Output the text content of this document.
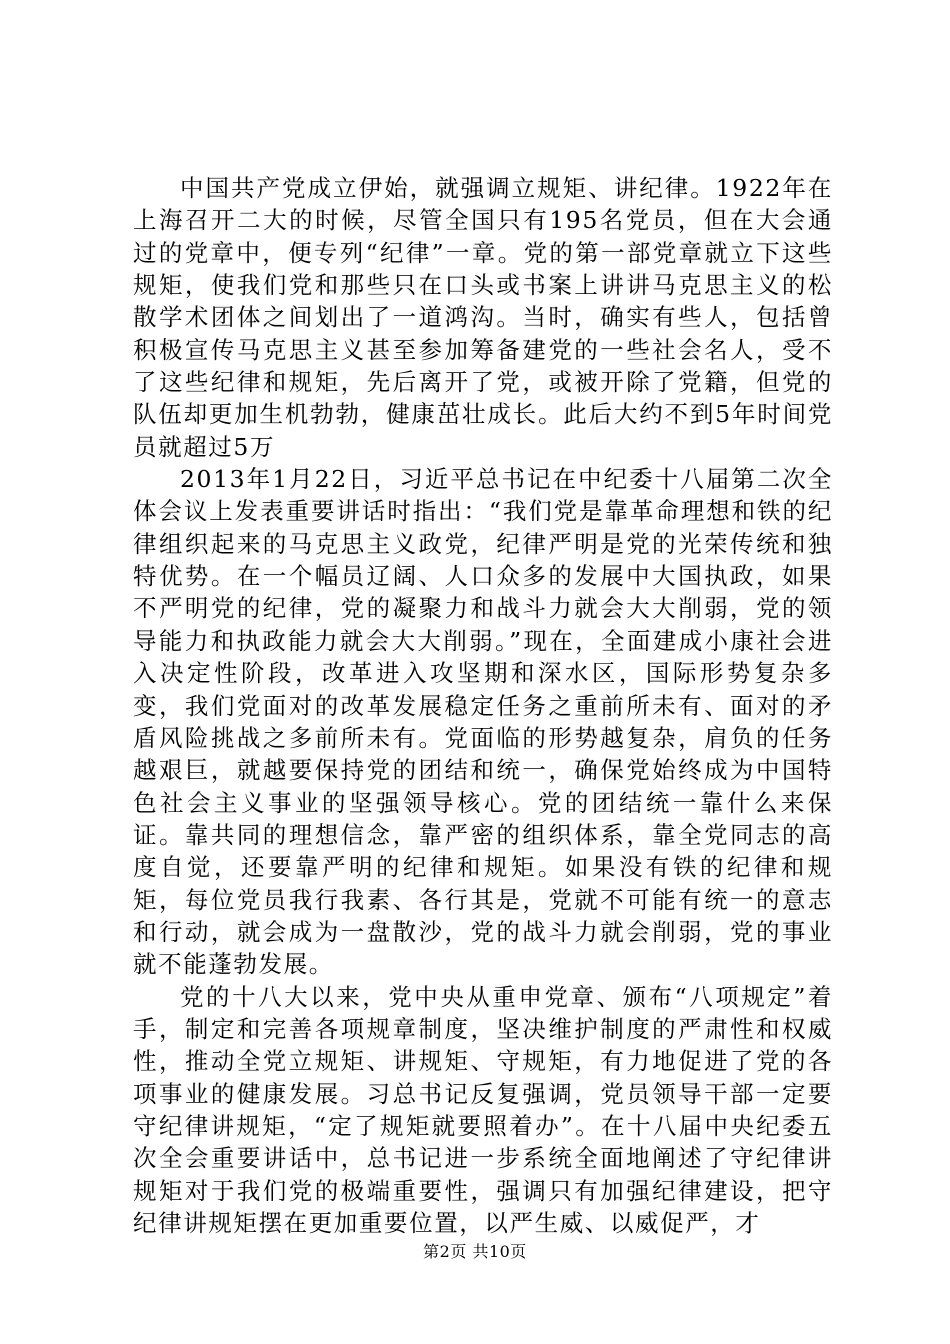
中国共产党成立伊始，就强调立规矩、讲纪律。1922年在上海召开二大的时候，尽管全国只有195名党员，但在大会通过的党章中，便专列“纪律”一章。党的第一部党章就立下这些规矩，使我们党和那些只在口头或书案上讲讲马克思主义的松散学术团体之间划出了一道鸿沟。当时，确实有些人，包括曾积极宣传马克思主义甚至参加筹备建党的一些社会名人，受不了这些纪律和规矩，先后离开了党，或被开除了党籍，但党的队伍却更加生机勃勃，健康茁壮成长。此后大约不到5年时间党员就超过5万

2013年1月22日，习近平总书记在中纪委十八届第二次全体会议上发表重要讲话时指出：“我们党是靠革命理想和铁的纪律组织起来的马克思主义政党，纪律严明是党的光荣传统和独特优势。在一个幅员辽阔、人口众多的发展中大国执政，如果不严明党的纪律，党的凝聚力和战斗力就会大大削弱，党的领导能力和执政能力就会大大削弱。”现在，全面建成小康社会进入决定性阶段，改革进入攻坚期和深水区，国际形势复杂多变，我们党面对的改革发展稳定任务之重前所未有、面对的矛盾风险挑战之多前所未有。党面临的形势越复杂，肩负的任务越艰巨，就越要保持党的团结和统一，确保党始终成为中国特色社会主义事业的坚强领导核心。党的团结统一靠什么来保证。靠共同的理想信念，靠严密的组织体系，靠全党同志的高度自觉，还要靠严明的纪律和规矩。如果没有铁的纪律和规矩，每位党员我行我素、各行其是，党就不可能有统一的意志和行动，就会成为一盘散沙，党的战斗力就会削弱，党的事业就不能蓬勃发展。

党的十八大以来，党中央从重申党章、颁布“八项规定”着手，制定和完善各项规章制度，坚决维护制度的严肃性和权威性，推动全党立规矩、讲规矩、守规矩，有力地促进了党的各项事业的健康发展。习总书记反复强调，党员领导干部一定要守纪律讲规矩，“定了规矩就要照着办”。在十八届中央纪委五次全会重要讲话中，总书记进一步系统全面地阐述了守纪律讲规矩对于我们党的极端重要性，强调只有加强纪律建设，把守纪律讲规矩摆在更加重要位置，以严生威、以威促严，才

第2页 共10页
